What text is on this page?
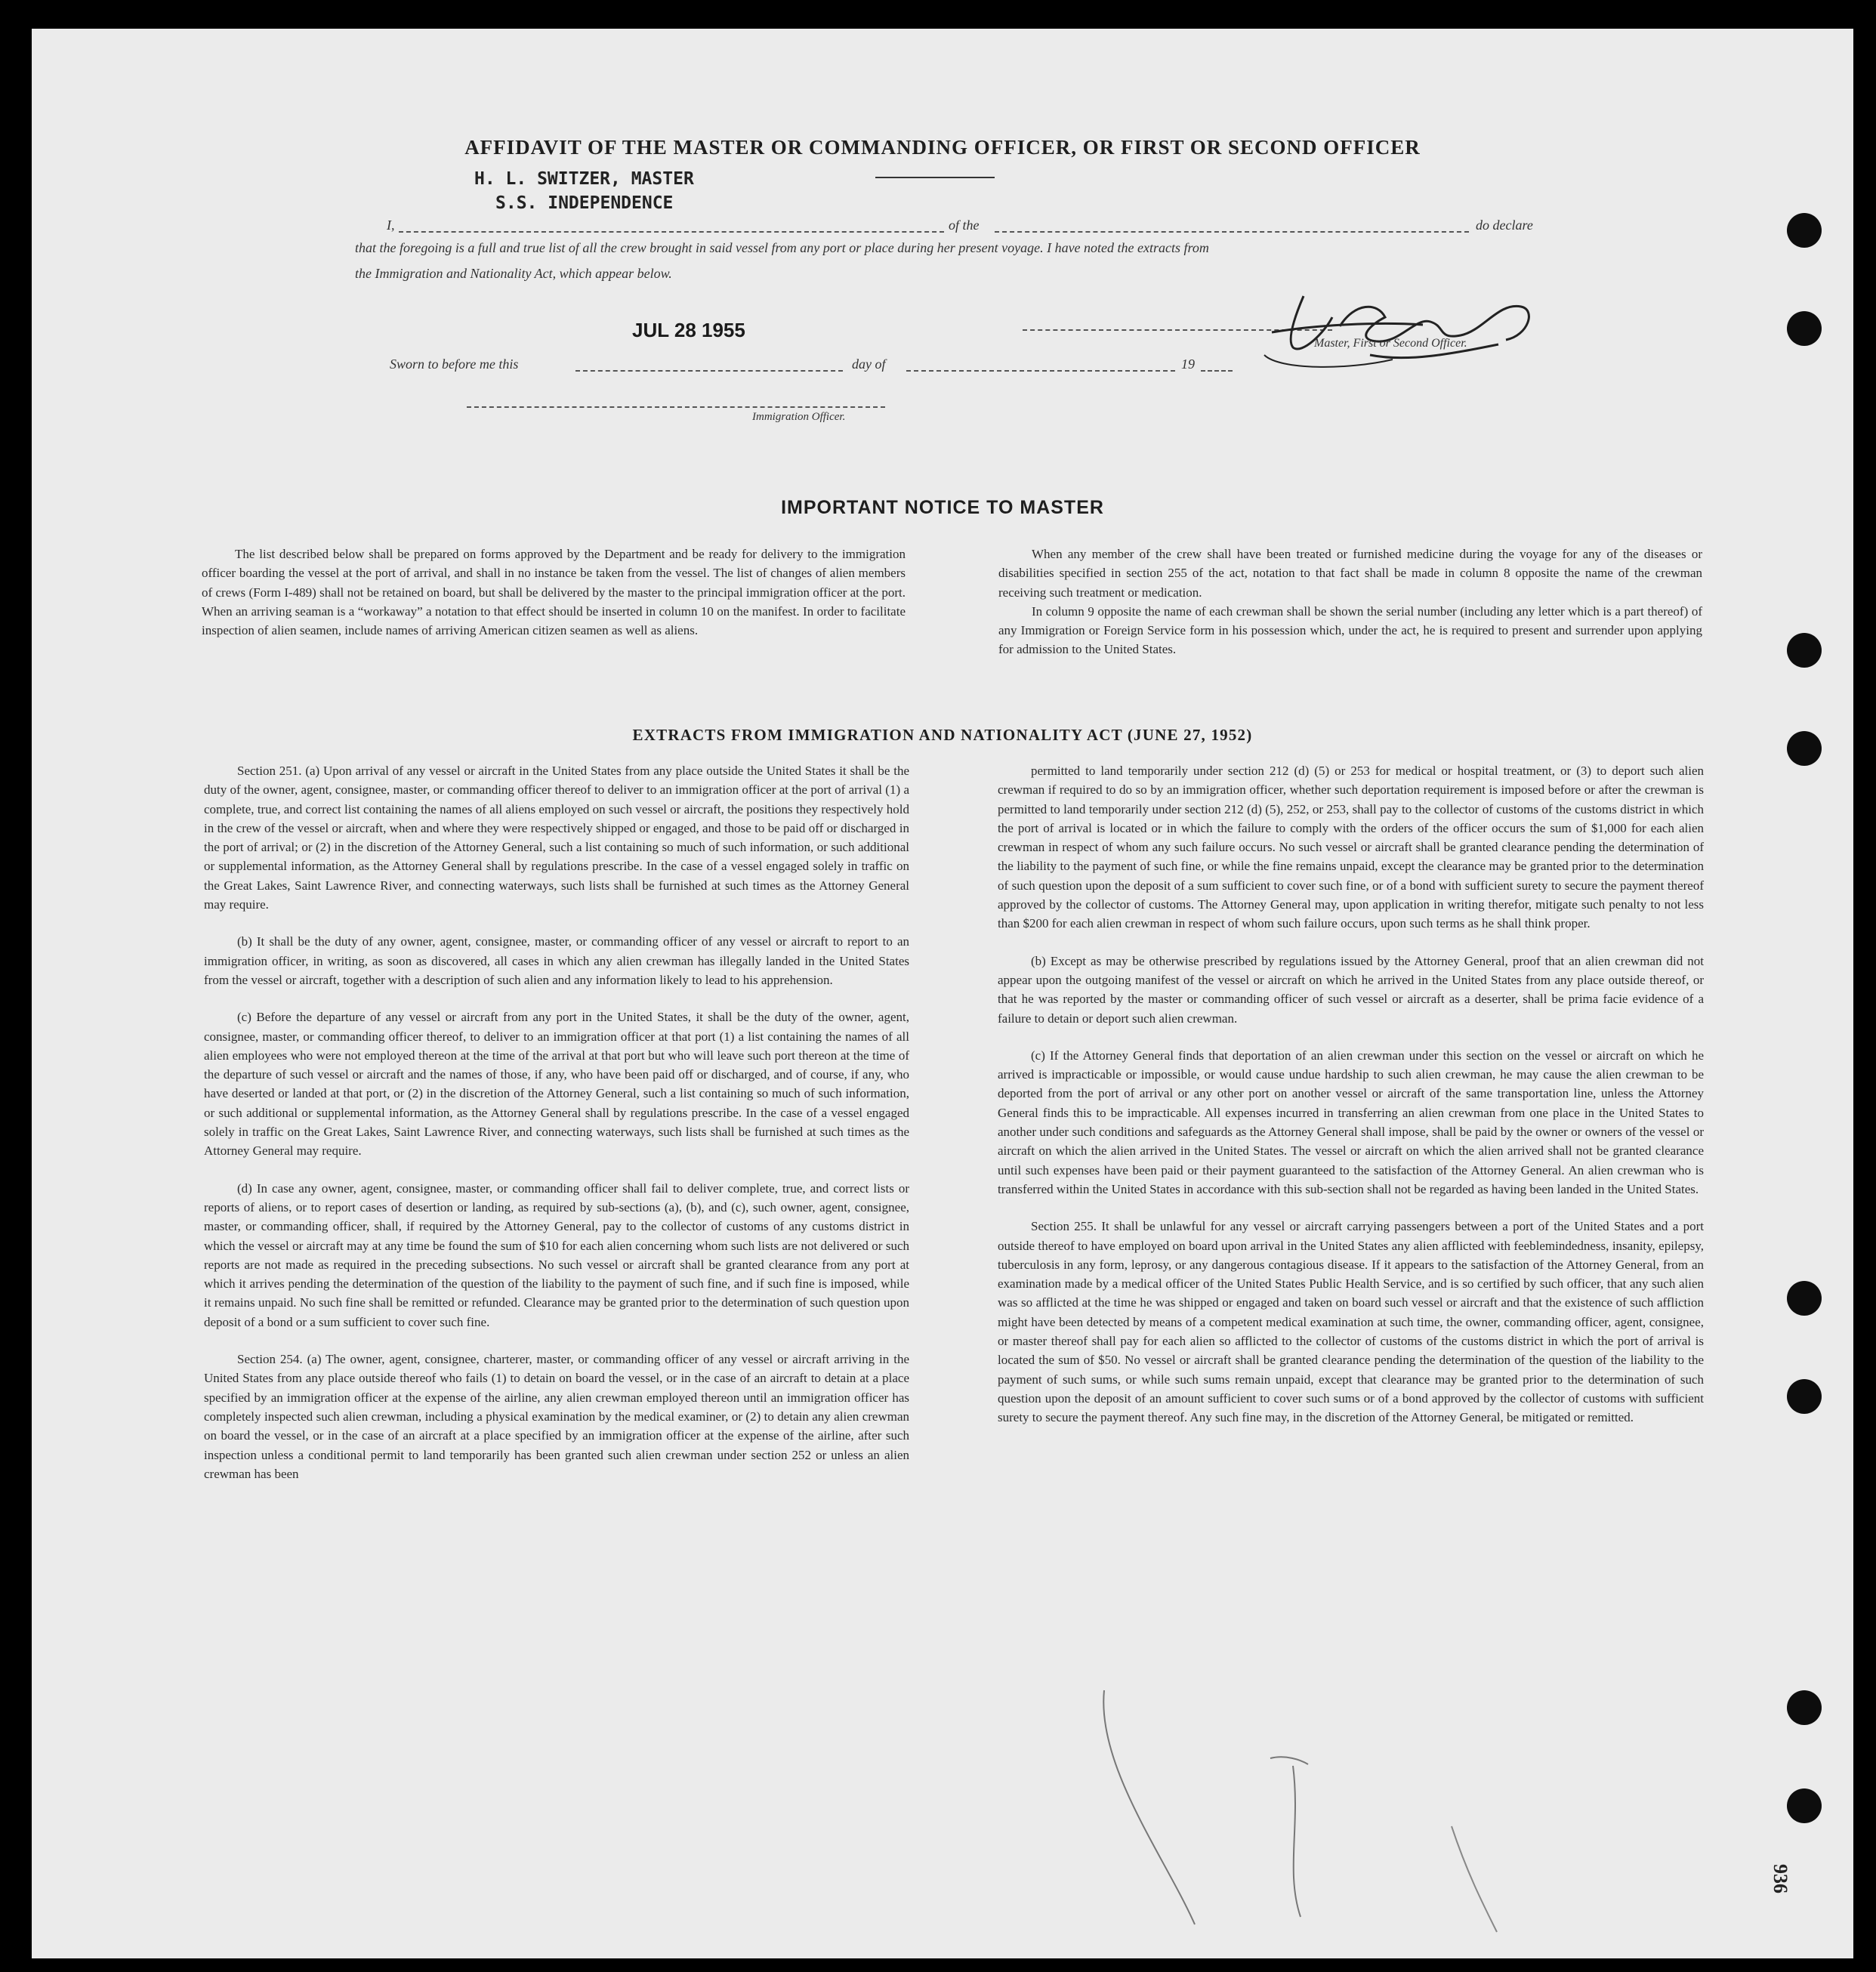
AFFIDAVIT OF THE MASTER OR COMMANDING OFFICER, OR FIRST OR SECOND OFFICER
H. L. SWITZER, MASTER
S.S. INDEPENDENCE
I,	of the	do declare
that the foregoing is a full and true list of all the crew brought in said vessel from any port or place during her present voyage. I have noted the extracts from
the Immigration and Nationality Act, which appear below.
JUL 28 1955
Master, First or Second Officer.
Sworn to before me this	day of	19
Immigration Officer.
IMPORTANT NOTICE TO MASTER

The list described below shall be prepared on forms approved by the Department and be ready for delivery to the immigration officer boarding the vessel at the port of arrival, and shall in no instance be taken from the vessel. The list of changes of alien members of crews (Form I-489) shall not be retained on board, but shall be delivered by the master to the principal immigration officer at the port. When an arriving seaman is a “workaway” a notation to that effect should be inserted in column 10 on the manifest. In order to facilitate inspection of alien seamen, include names of arriving American citizen seamen as well as aliens.

When any member of the crew shall have been treated or furnished medicine during the voyage for any of the diseases or disabilities specified in section 255 of the act, notation to that fact shall be made in column 8 opposite the name of the crewman receiving such treatment or medication.

In column 9 opposite the name of each crewman shall be shown the serial number (including any letter which is a part thereof) of any Immigration or Foreign Service form in his possession which, under the act, he is required to present and surrender upon applying for admission to the United States.

EXTRACTS FROM IMMIGRATION AND NATIONALITY ACT (JUNE 27, 1952)

Section 251. (a) Upon arrival of any vessel or aircraft in the United States from any place outside the United States it shall be the duty of the owner, agent, consignee, master, or commanding officer thereof to deliver to an immigration officer at the port of arrival (1) a complete, true, and correct list containing the names of all aliens employed on such vessel or aircraft, the positions they respectively hold in the crew of the vessel or aircraft, when and where they were respectively shipped or engaged, and those to be paid off or discharged in the port of arrival; or (2) in the discretion of the Attorney General, such a list containing so much of such information, or such additional or supplemental information, as the Attorney General shall by regulations prescribe. In the case of a vessel engaged solely in traffic on the Great Lakes, Saint Lawrence River, and connecting waterways, such lists shall be furnished at such times as the Attorney General may require.

(b) It shall be the duty of any owner, agent, consignee, master, or commanding officer of any vessel or aircraft to report to an immigration officer, in writing, as soon as discovered, all cases in which any alien crewman has illegally landed in the United States from the vessel or aircraft, together with a description of such alien and any information likely to lead to his apprehension.

(c) Before the departure of any vessel or aircraft from any port in the United States, it shall be the duty of the owner, agent, consignee, master, or commanding officer thereof, to deliver to an immigration officer at that port (1) a list containing the names of all alien employees who were not employed thereon at the time of the arrival at that port but who will leave such port thereon at the time of the departure of such vessel or aircraft and the names of those, if any, who have been paid off or discharged, and of course, if any, who have deserted or landed at that port, or (2) in the discretion of the Attorney General, such a list containing so much of such information, or such additional or supplemental information, as the Attorney General shall by regulations prescribe. In the case of a vessel engaged solely in traffic on the Great Lakes, Saint Lawrence River, and connecting waterways, such lists shall be furnished at such times as the Attorney General may require.

(d) In case any owner, agent, consignee, master, or commanding officer shall fail to deliver complete, true, and correct lists or reports of aliens, or to report cases of desertion or landing, as required by sub-sections (a), (b), and (c), such owner, agent, consignee, master, or commanding officer, shall, if required by the Attorney General, pay to the collector of customs of any customs district in which the vessel or aircraft may at any time be found the sum of $10 for each alien concerning whom such lists are not delivered or such reports are not made as required in the preceding subsections. No such vessel or aircraft shall be granted clearance from any port at which it arrives pending the determination of the question of the liability to the payment of such fine, and if such fine is imposed, while it remains unpaid. No such fine shall be remitted or refunded. Clearance may be granted prior to the determination of such question upon deposit of a bond or a sum sufficient to cover such fine.

Section 254. (a) The owner, agent, consignee, charterer, master, or commanding officer of any vessel or aircraft arriving in the United States from any place outside thereof who fails (1) to detain on board the vessel, or in the case of an aircraft to detain at a place specified by an immigration officer at the expense of the airline, any alien crewman employed thereon until an immigration officer has completely inspected such alien crewman, including a physical examination by the medical examiner, or (2) to detain any alien crewman on board the vessel, or in the case of an aircraft at a place specified by an immigration officer at the expense of the airline, after such inspection unless a conditional permit to land temporarily has been granted such alien crewman under section 252 or unless an alien crewman has been

permitted to land temporarily under section 212 (d) (5) or 253 for medical or hospital treatment, or (3) to deport such alien crewman if required to do so by an immigration officer, whether such deportation requirement is imposed before or after the crewman is permitted to land temporarily under section 212 (d) (5), 252, or 253, shall pay to the collector of customs of the customs district in which the port of arrival is located or in which the failure to comply with the orders of the officer occurs the sum of $1,000 for each alien crewman in respect of whom any such failure occurs. No such vessel or aircraft shall be granted clearance pending the determination of the liability to the payment of such fine, or while the fine remains unpaid, except the clearance may be granted prior to the determination of such question upon the deposit of a sum sufficient to cover such fine, or of a bond with sufficient surety to secure the payment thereof approved by the collector of customs. The Attorney General may, upon application in writing therefor, mitigate such penalty to not less than $200 for each alien crewman in respect of whom such failure occurs, upon such terms as he shall think proper.

(b) Except as may be otherwise prescribed by regulations issued by the Attorney General, proof that an alien crewman did not appear upon the outgoing manifest of the vessel or aircraft on which he arrived in the United States from any place outside thereof, or that he was reported by the master or commanding officer of such vessel or aircraft as a deserter, shall be prima facie evidence of a failure to detain or deport such alien crewman.

(c) If the Attorney General finds that deportation of an alien crewman under this section on the vessel or aircraft on which he arrived is impracticable or impossible, or would cause undue hardship to such alien crewman, he may cause the alien crewman to be deported from the port of arrival or any other port on another vessel or aircraft of the same transportation line, unless the Attorney General finds this to be impracticable. All expenses incurred in transferring an alien crewman from one place in the United States to another under such conditions and safeguards as the Attorney General shall impose, shall be paid by the owner or owners of the vessel or aircraft on which the alien arrived in the United States. The vessel or aircraft on which the alien arrived shall not be granted clearance until such expenses have been paid or their payment guaranteed to the satisfaction of the Attorney General. An alien crewman who is transferred within the United States in accordance with this sub-section shall not be regarded as having been landed in the United States.

Section 255. It shall be unlawful for any vessel or aircraft carrying passengers between a port of the United States and a port outside thereof to have employed on board upon arrival in the United States any alien afflicted with feeblemindedness, insanity, epilepsy, tuberculosis in any form, leprosy, or any dangerous contagious disease. If it appears to the satisfaction of the Attorney General, from an examination made by a medical officer of the United States Public Health Service, and is so certified by such officer, that any such alien was so afflicted at the time he was shipped or engaged and taken on board such vessel or aircraft and that the existence of such affliction might have been detected by means of a competent medical examination at such time, the owner, commanding officer, agent, consignee, or master thereof shall pay for each alien so afflicted to the collector of customs of the customs district in which the port of arrival is located the sum of $50. No vessel or aircraft shall be granted clearance pending the determination of the question of the liability to the payment of such sums, or while such sums remain unpaid, except that clearance may be granted prior to the determination of such question upon the deposit of an amount sufficient to cover such sums or of a bond approved by the collector of customs with sufficient surety to secure the payment thereof. Any such fine may, in the discretion of the Attorney General, be mitigated or remitted.

936
